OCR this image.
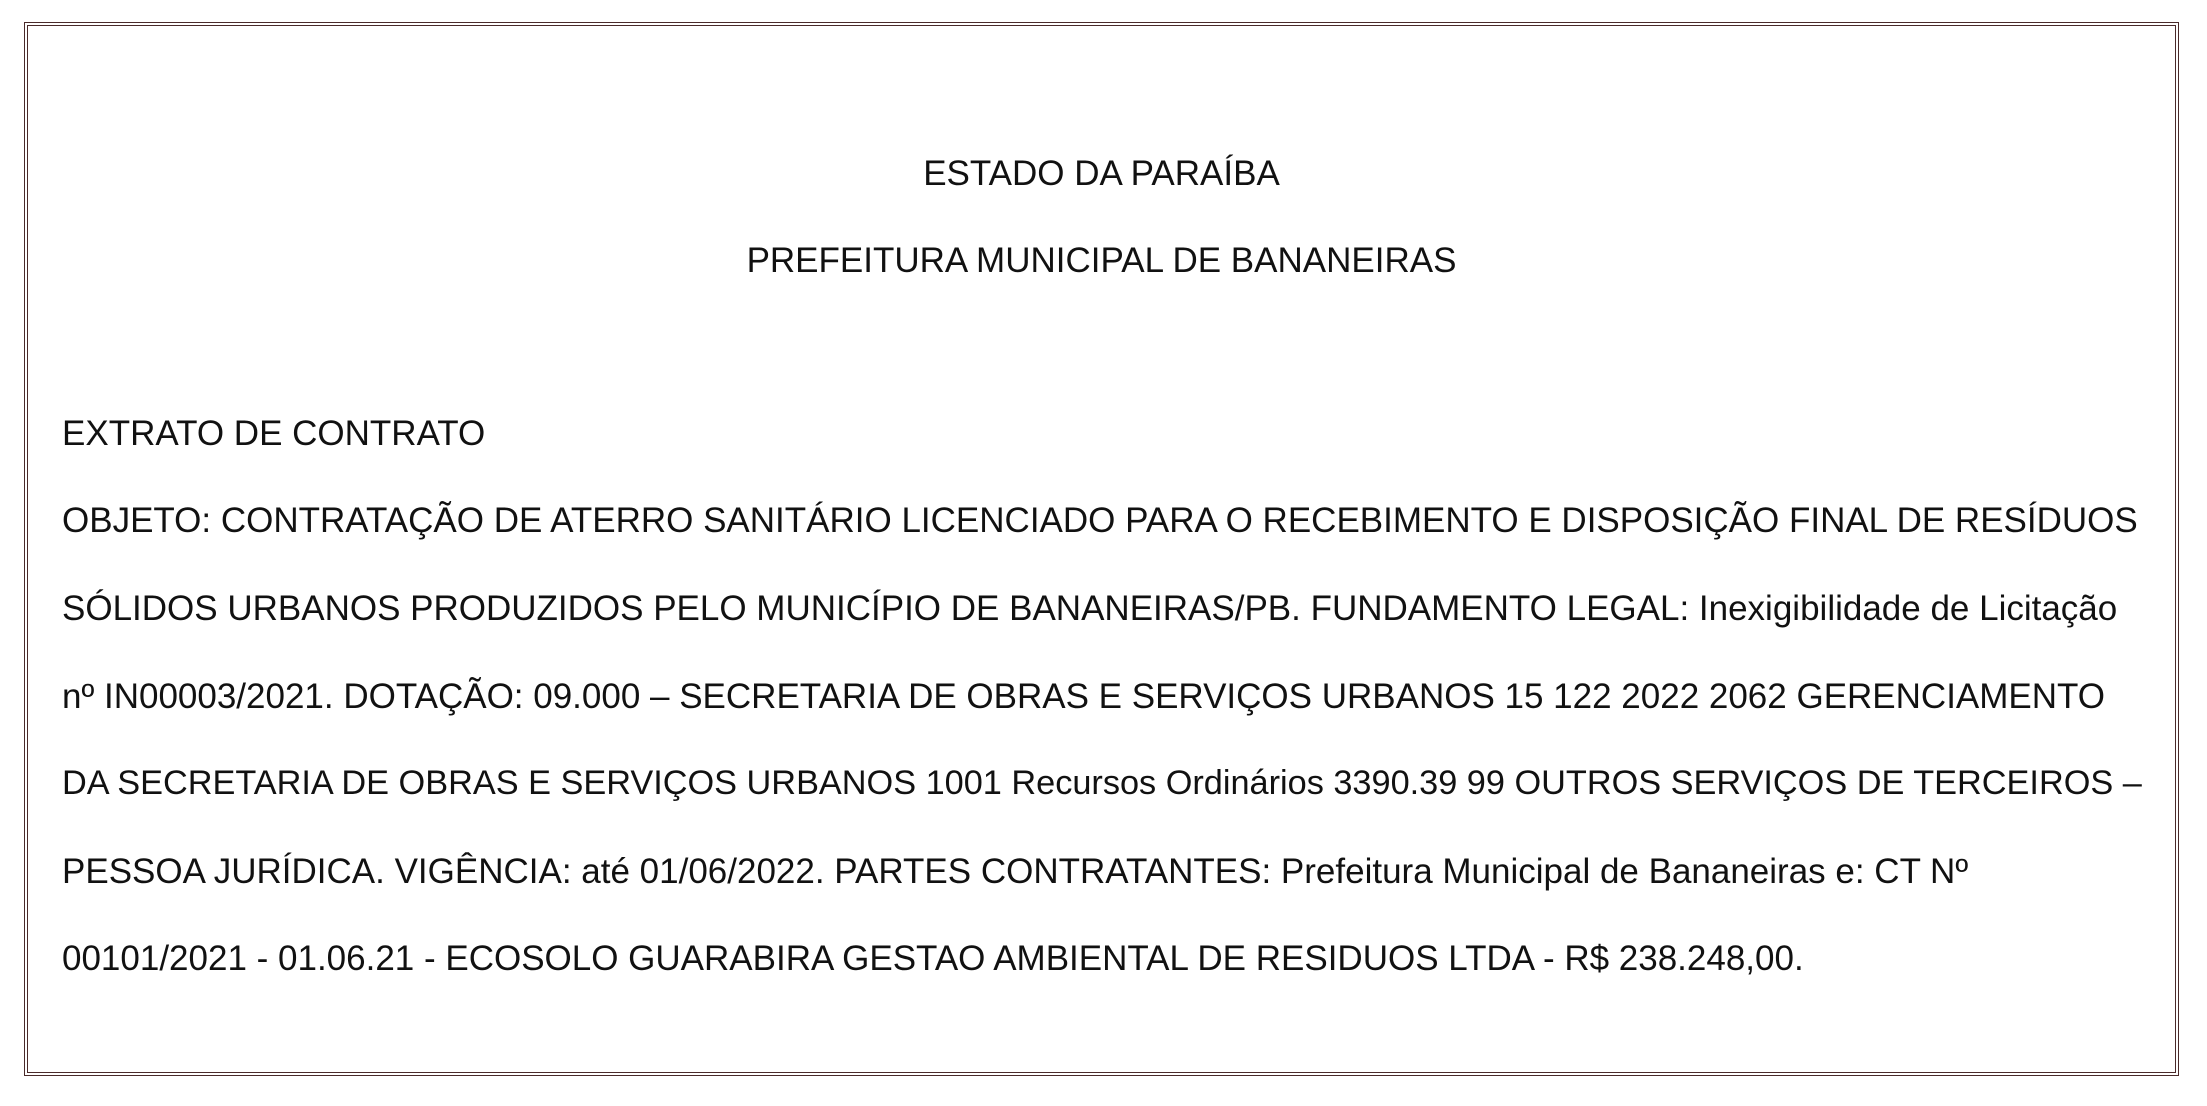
ESTADO DA PARAÍBA
PREFEITURA MUNICIPAL DE BANANEIRAS
EXTRATO DE CONTRATO
OBJETO: CONTRATAÇÃO DE ATERRO SANITÁRIO LICENCIADO PARA O RECEBIMENTO E DISPOSIÇÃO FINAL DE RESÍDUOS
SÓLIDOS URBANOS PRODUZIDOS PELO MUNICÍPIO DE BANANEIRAS/PB. FUNDAMENTO LEGAL: Inexigibilidade de Licitação
nº IN00003/2021. DOTAÇÃO: 09.000 – SECRETARIA DE OBRAS E SERVIÇOS URBANOS 15 122 2022 2062 GERENCIAMENTO
DA SECRETARIA DE OBRAS E SERVIÇOS URBANOS 1001 Recursos Ordinários 3390.39 99 OUTROS SERVIÇOS DE TERCEIROS –
PESSOA JURÍDICA. VIGÊNCIA: até 01/06/2022. PARTES CONTRATANTES: Prefeitura Municipal de Bananeiras e: CT Nº
00101/2021 - 01.06.21 - ECOSOLO GUARABIRA GESTAO AMBIENTAL DE RESIDUOS LTDA - R$ 238.248,00.
